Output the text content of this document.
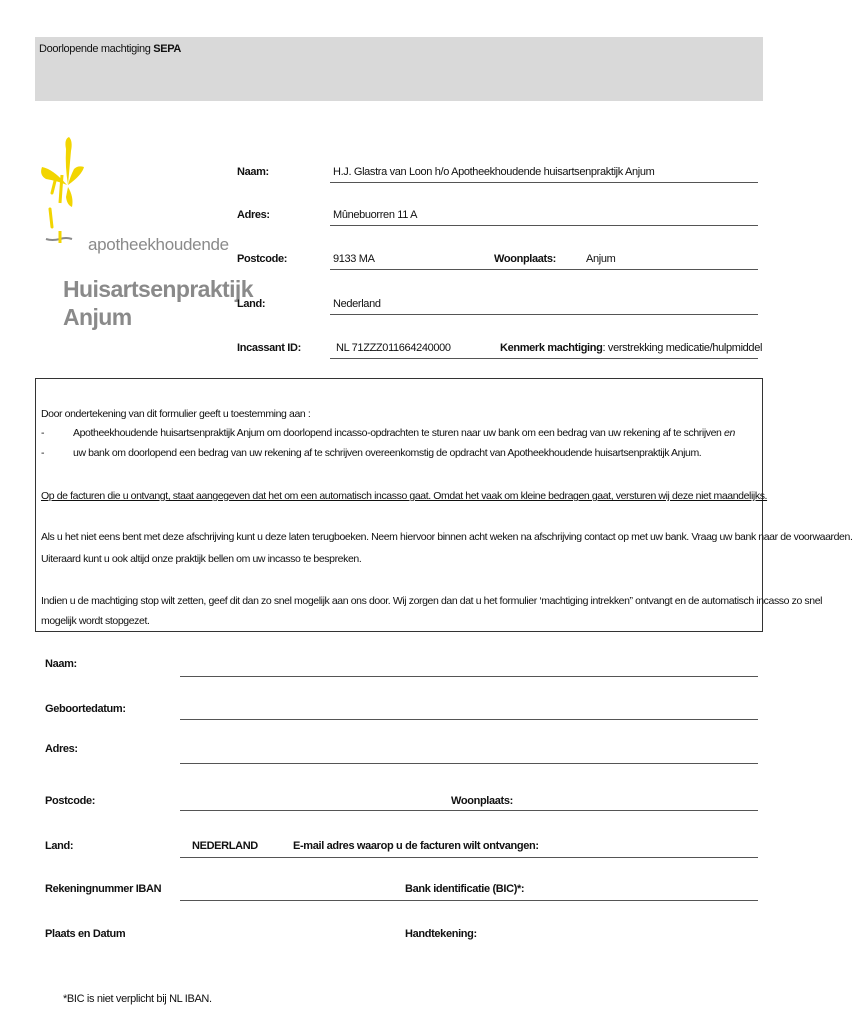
Doorlopende machtiging SEPA
apotheekhoudende
Huisartsenpraktijk
Anjum
Naam:	H.J. Glastra van Loon h/o Apotheekhoudende huisartsenpraktijk Anjum
Adres:	Mûnebuorren 11 A
Postcode:	9133 MA	Woonplaats:	Anjum
Land:	Nederland
Incassant ID:	NL 71ZZZ011664240000	Kenmerk machtiging: verstrekking medicatie/hulpmiddel
Door ondertekening van dit formulier geeft u toestemming aan :
-	Apotheekhoudende huisartsenpraktijk Anjum om doorlopend incasso-opdrachten te sturen naar uw bank om een bedrag van uw rekening af te schrijven en
-	uw bank om doorlopend een bedrag van uw rekening af te schrijven overeenkomstig de opdracht van Apotheekhoudende huisartsenpraktijk Anjum.
Op de facturen die u ontvangt, staat aangegeven dat het om een automatisch incasso gaat. Omdat het vaak om kleine bedragen gaat, versturen wij deze niet maandelijks.
Als u het niet eens bent met deze afschrijving kunt u deze laten terugboeken. Neem hiervoor binnen acht weken na afschrijving contact op met uw bank. Vraag uw bank naar de voorwaarden.
Uiteraard kunt u ook altijd onze praktijk bellen om uw incasso te bespreken.
Indien u de machtiging stop wilt zetten, geef dit dan zo snel mogelijk aan ons door. Wij zorgen dan dat u het formulier ‘machtiging intrekken” ontvangt en de automatisch incasso zo snel
mogelijk wordt stopgezet.
Naam:
Geboortedatum:
Adres:
Postcode:	Woonplaats:
Land:	NEDERLAND	E-mail adres waarop u de facturen wilt ontvangen:
Rekeningnummer IBAN	Bank identificatie (BIC)*:
Plaats en Datum	Handtekening:
*BIC is niet verplicht bij NL IBAN.
